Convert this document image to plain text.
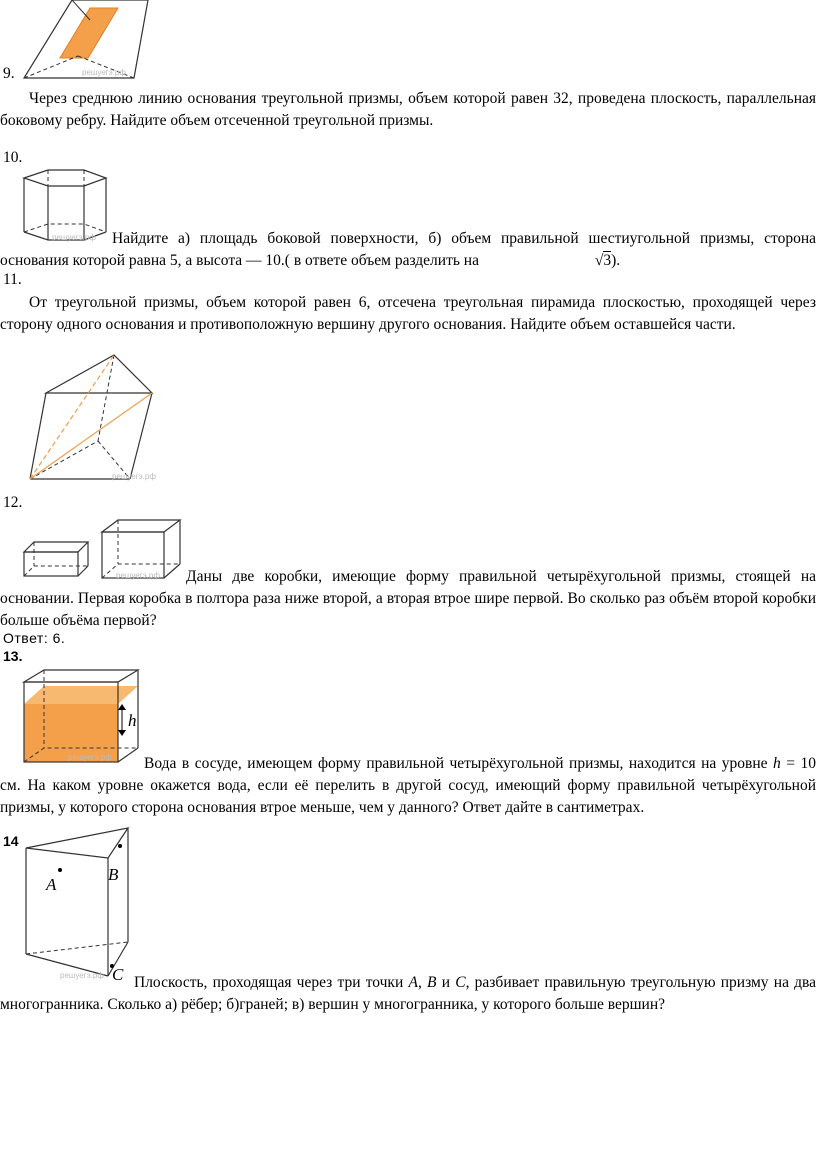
9.	решуегэ.рф
Через среднюю линию основания треугольной призмы, объем которой равен 32, проведена плоскость, параллельная боковому ребру. Найдите объем отсеченной треугольной призмы.
10.
решуегэ.рф	Найдите а) площадь боковой поверхности, б) объем правильной шестиугольной призмы, сторона основания которой равна 5, а высота — 10.( в ответе объем разделить на	√3).
11.
От треугольной призмы, объем которой равен 6, отсечена треугольная пирамида плоскостью, проходящей через сторону одного основания и противоположную вершину другого основания. Найдите объем оставшейся части.
решуегэ.рф
12.
решуегэ.рф	Даны две коробки, имеющие форму правильной четырёхугольной призмы, стоящей на основании. Первая коробка в полтора раза ниже второй, а вторая втрое шире первой. Во сколько раз объём второй коробки больше объёма первой?
Ответ: 6.
13.
h
решуегэ.рф	Вода в сосуде, имеющем форму правильной четырёхугольной призмы, находится на уровне h = 10 см. На каком уровне окажется вода, если её перелить в другой сосуд, имеющий форму правильной четырёхугольной призмы, у которого сторона основания втрое меньше, чем у данного? Ответ дайте в сантиметрах.
14
A
B
C
решуегэ.рф	Плоскость, проходящая через три точки A, B и C, разбивает правильную треугольную призму на два многогранника. Сколько а) рёбер; б)граней; в) вершин у многогранника, у которого больше вершин?
